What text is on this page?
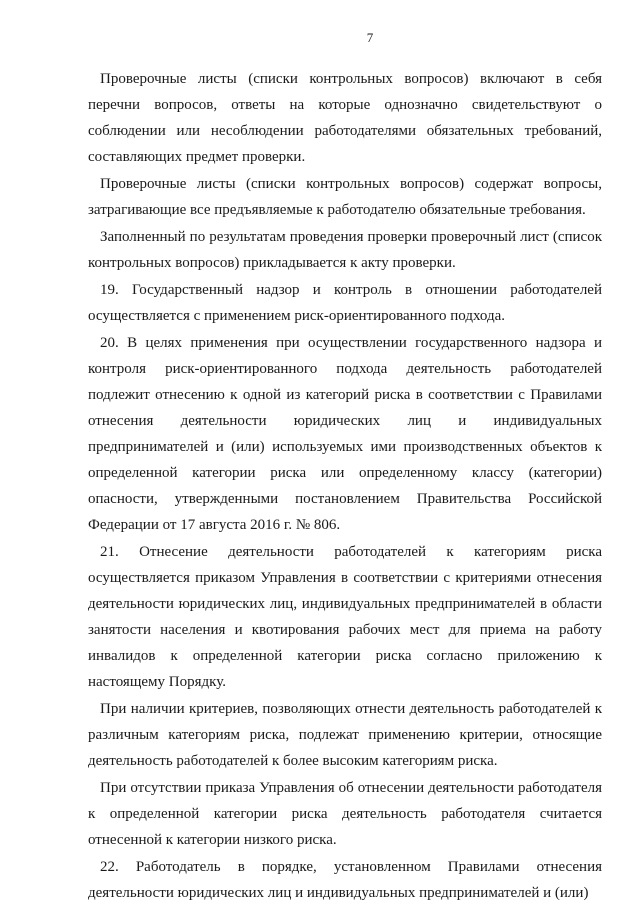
7

Проверочные листы (списки контрольных вопросов) включают в себя перечни вопросов, ответы на которые однозначно свидетельствуют о соблюдении или несоблюдении работодателями обязательных требований, составляющих предмет проверки.

Проверочные листы (списки контрольных вопросов) содержат вопросы, затрагивающие все предъявляемые к работодателю обязательные требования.

Заполненный по результатам проведения проверки проверочный лист (список контрольных вопросов) прикладывается к акту проверки.

19. Государственный надзор и контроль в отношении работодателей осуществляется с применением риск-ориентированного подхода.

20. В целях применения при осуществлении государственного надзора и контроля риск-ориентированного подхода деятельность работодателей подлежит отнесению к одной из категорий риска в соответствии с Правилами отнесения деятельности юридических лиц и индивидуальных предпринимателей и (или) используемых ими производственных объектов к определенной категории риска или определенному классу (категории) опасности, утвержденными постановлением Правительства Российской Федерации от 17 августа 2016 г. № 806.

21. Отнесение деятельности работодателей к категориям риска осуществляется приказом Управления в соответствии с критериями отнесения деятельности юридических лиц, индивидуальных предпринимателей в области занятости населения и квотирования рабочих мест для приема на работу инвалидов к определенной категории риска согласно приложению к настоящему Порядку.

При наличии критериев, позволяющих отнести деятельность работодателей к различным категориям риска, подлежат применению критерии, относящие деятельность работодателей к более высоким категориям риска.

При отсутствии приказа Управления об отнесении деятельности работодателя к определенной категории риска деятельность работодателя считается отнесенной к категории низкого риска.

22. Работодатель в порядке, установленном Правилами отнесения деятельности юридических лиц и индивидуальных предпринимателей и (или)
